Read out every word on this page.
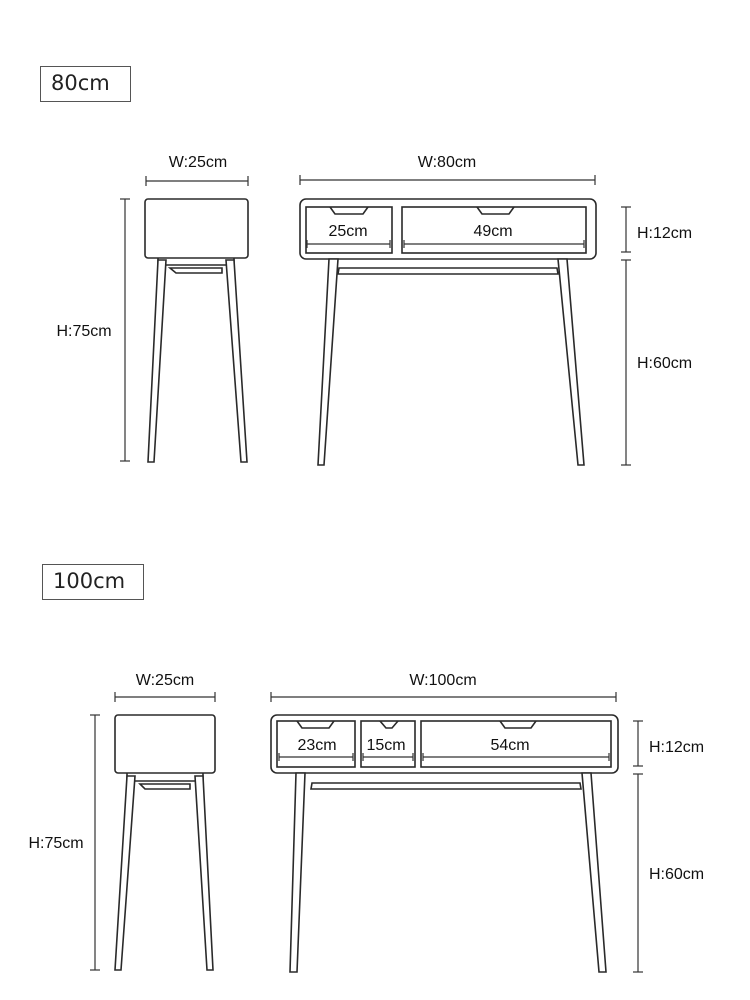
80cm
100cm
W:25cm
H:75cm
25cm	49cm
W:80cm
H:12cm
H:60cm
W:25cm
H:75cm
23cm 15cm	54cm
W:100cm
H:12cm
H:60cm
